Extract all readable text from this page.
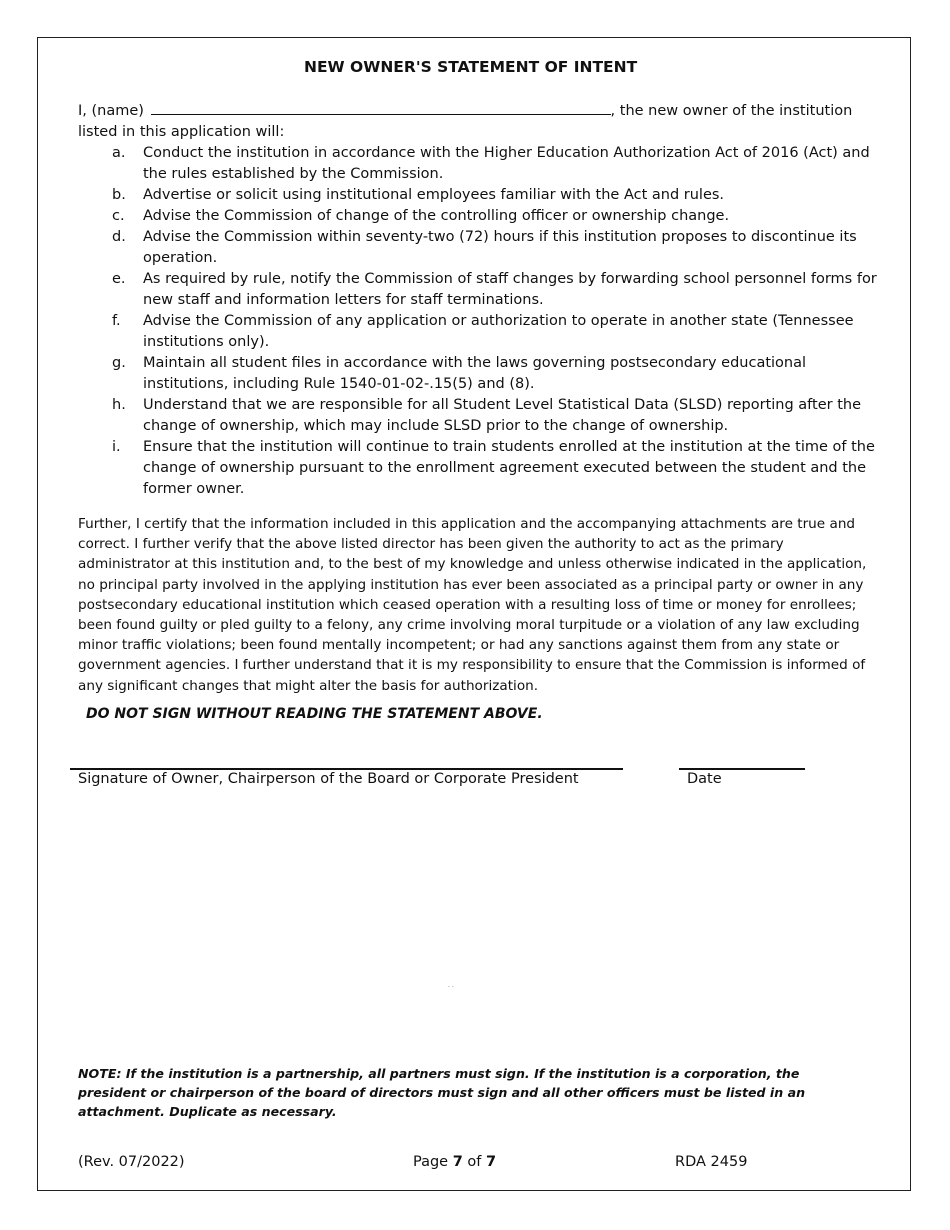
NEW OWNER'S STATEMENT OF INTENT
I, (name)	, the new owner of the institution
listed in this application will:
a. Conduct the institution in accordance with the Higher Education Authorization Act of 2016 (Act) and the rules established by the Commission.
b. Advertise or solicit using institutional employees familiar with the Act and rules.
c. Advise the Commission of change of the controlling officer or ownership change.
d. Advise the Commission within seventy-two (72) hours if this institution proposes to discontinue its operation.
e. As required by rule, notify the Commission of staff changes by forwarding school personnel forms for new staff and information letters for staff terminations.
f. Advise the Commission of any application or authorization to operate in another state (Tennessee institutions only).
g. Maintain all student files in accordance with the laws governing postsecondary educational institutions, including Rule 1540-01-02-.15(5) and (8).
h. Understand that we are responsible for all Student Level Statistical Data (SLSD) reporting after the change of ownership, which may include SLSD prior to the change of ownership.
i. Ensure that the institution will continue to train students enrolled at the institution at the time of the change of ownership pursuant to the enrollment agreement executed between the student and the former owner.
Further, I certify that the information included in this application and the accompanying attachments are true and correct. I further verify that the above listed director has been given the authority to act as the primary administrator at this institution and, to the best of my knowledge and unless otherwise indicated in the application, no principal party involved in the applying institution has ever been associated as a principal party or owner in any postsecondary educational institution which ceased operation with a resulting loss of time or money for enrollees; been found guilty or pled guilty to a felony, any crime involving moral turpitude or a violation of any law excluding minor traffic violations; been found mentally incompetent; or had any sanctions against them from any state or government agencies. I further understand that it is my responsibility to ensure that the Commission is informed of any significant changes that might alter the basis for authorization.
DO NOT SIGN WITHOUT READING THE STATEMENT ABOVE.
Signature of Owner, Chairperson of the Board or Corporate President	Date
. .
NOTE: If the institution is a partnership, all partners must sign. If the institution is a corporation, the president or chairperson of the board of directors must sign and all other officers must be listed in an attachment. Duplicate as necessary.
(Rev. 07/2022)	Page 7 of 7	RDA 2459
